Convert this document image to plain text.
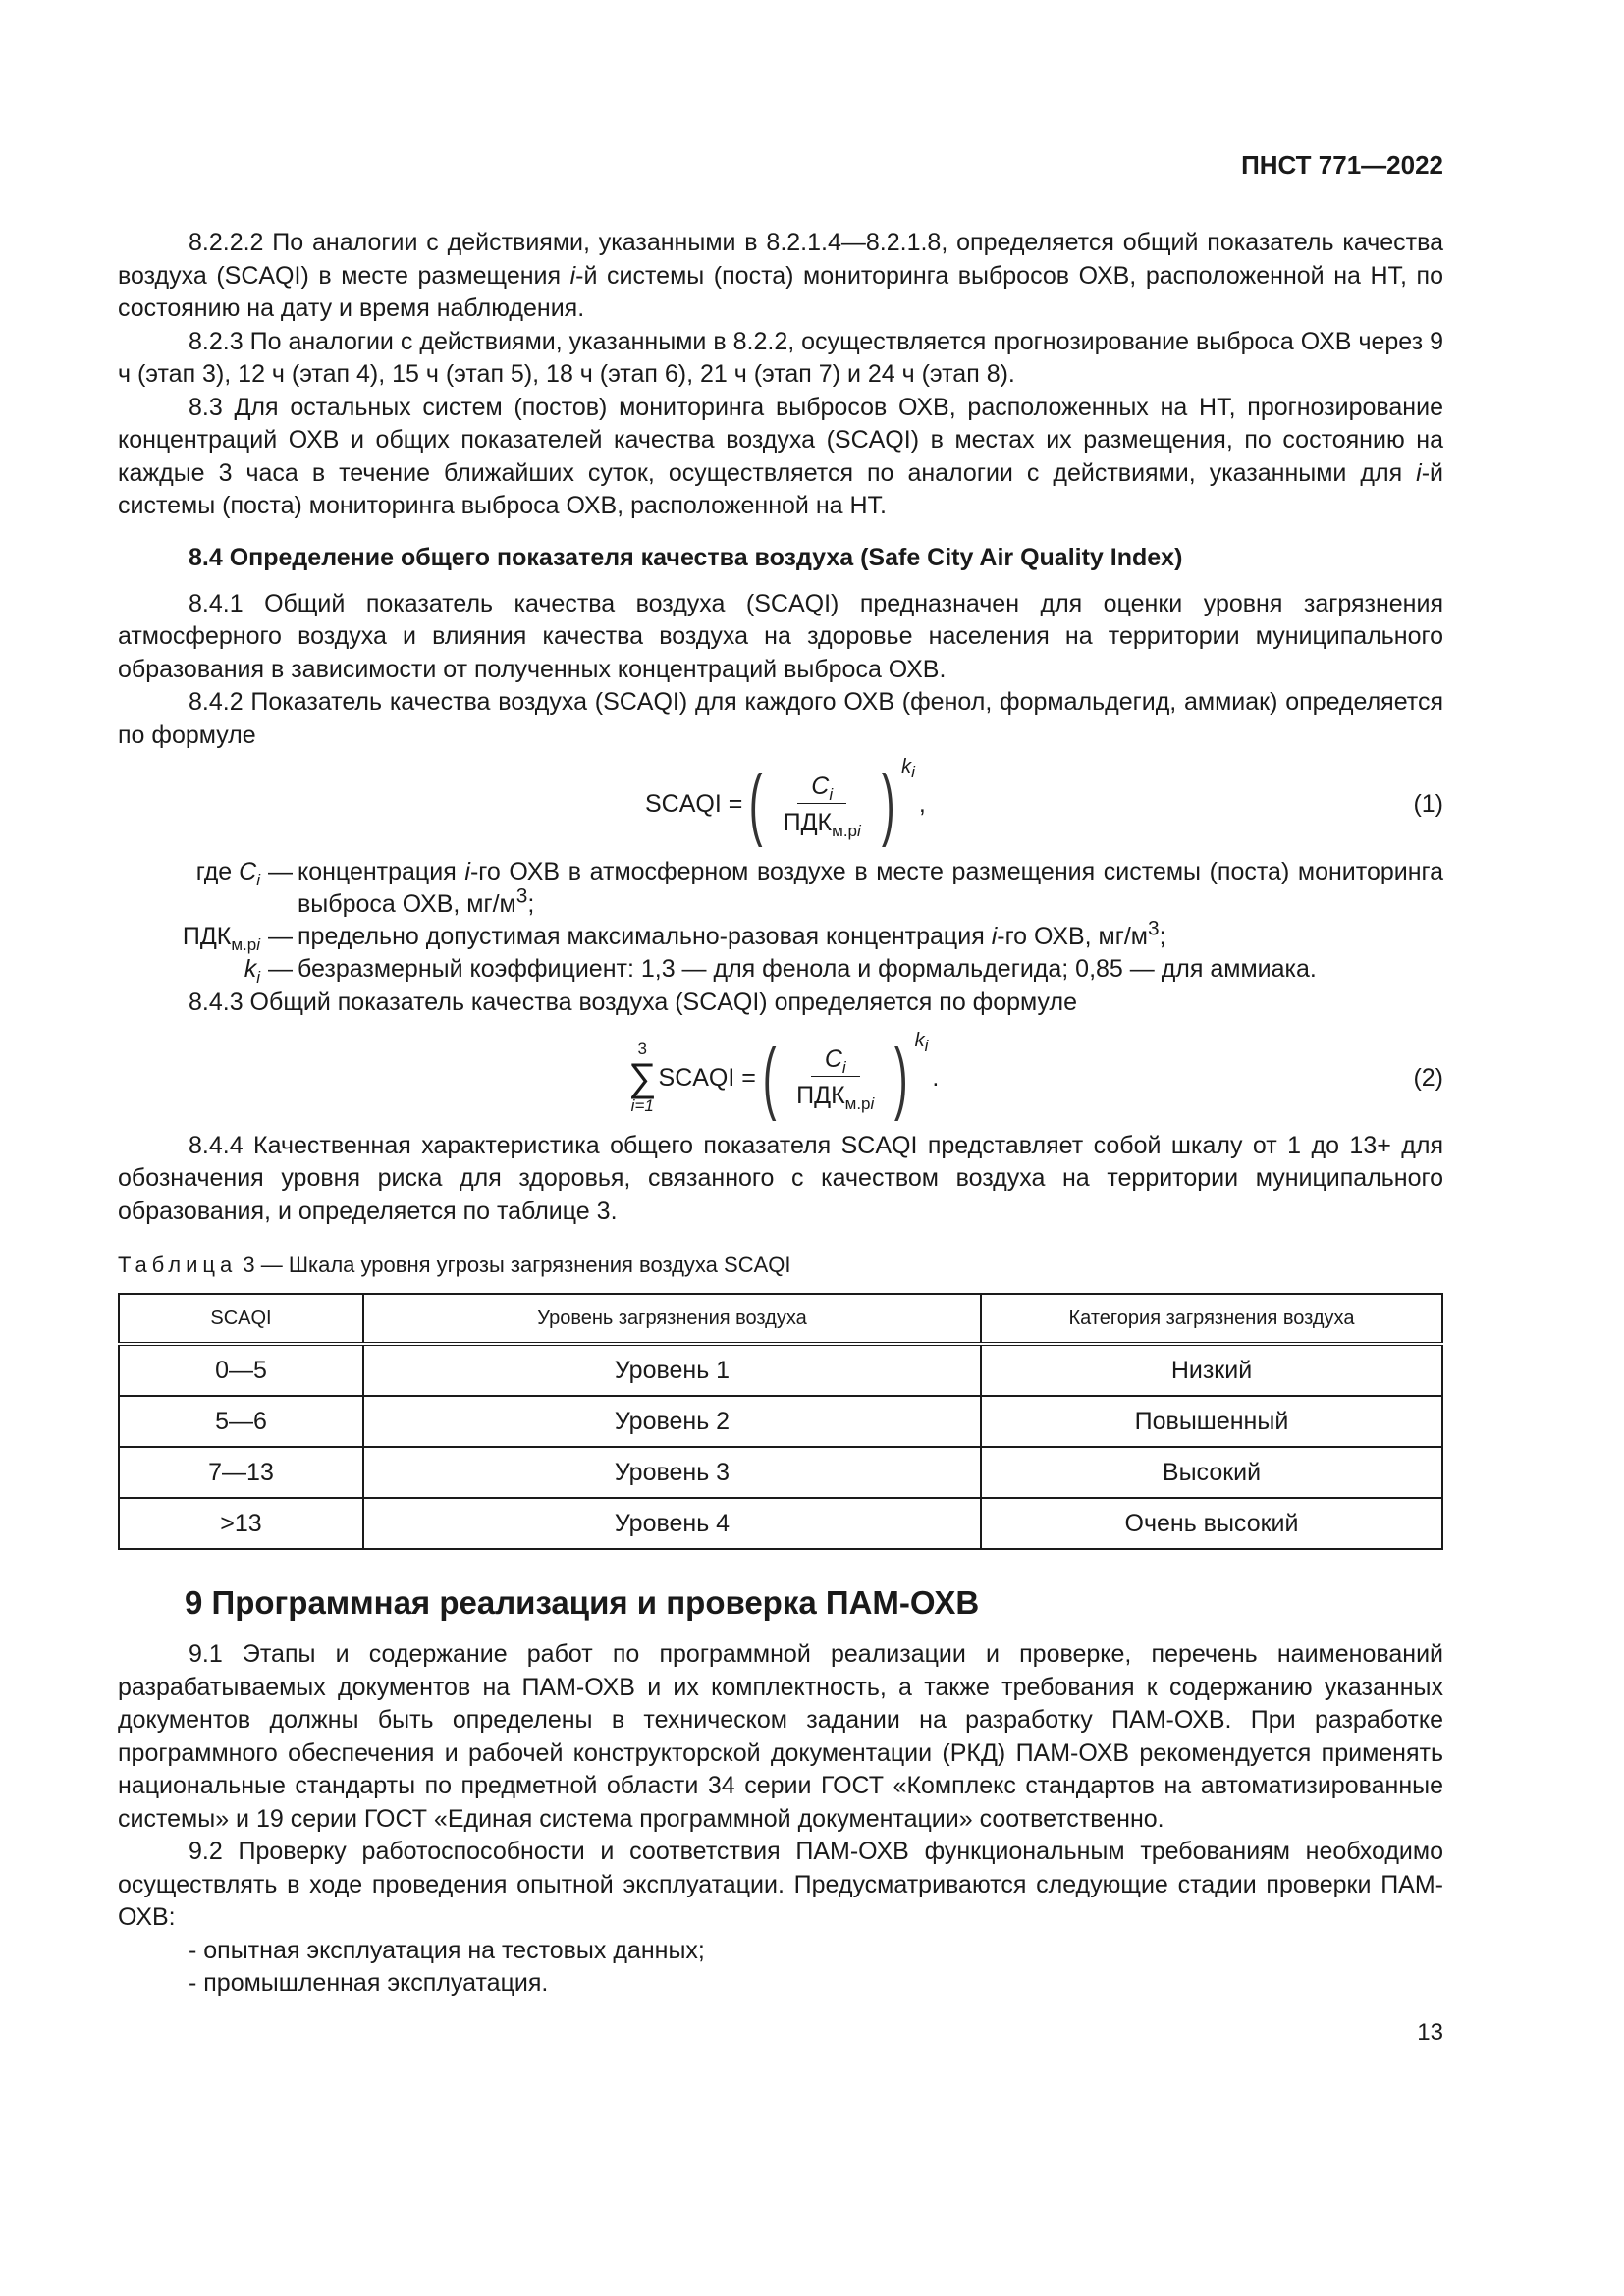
ПНСТ 771—2022

8.2.2.2 По аналогии с действиями, указанными в 8.2.1.4—8.2.1.8, определяется общий показатель качества воздуха (SCAQI) в месте размещения i-й системы (поста) мониторинга выбросов ОХВ, расположенной на НТ, по состоянию на дату и время наблюдения.

8.2.3 По аналогии с действиями, указанными в 8.2.2, осуществляется прогнозирование выброса ОХВ через 9 ч (этап 3), 12 ч (этап 4), 15 ч (этап 5), 18 ч (этап 6), 21 ч (этап 7) и 24 ч (этап 8).

8.3 Для остальных систем (постов) мониторинга выбросов ОХВ, расположенных на НТ, прогнозирование концентраций ОХВ и общих показателей качества воздуха (SCAQI) в местах их размещения, по состоянию на каждые 3 часа в течение ближайших суток, осуществляется по аналогии с действиями, указанными для i-й системы (поста) мониторинга выброса ОХВ, расположенной на НТ.

8.4 Определение общего показателя качества воздуха (Safe City Air Quality Index)

8.4.1 Общий показатель качества воздуха (SCAQI) предназначен для оценки уровня загрязнения атмосферного воздуха и влияния качества воздуха на здоровье населения на территории муниципального образования в зависимости от полученных концентраций выброса ОХВ.

8.4.2 Показатель качества воздуха (SCAQI) для каждого ОХВ (фенол, формальдегид, аммиак) определяется по формуле

SCAQI = ( $\frac{C_i}{ПДК_{м.рi}}$ ) $k_i$
,	(1)
где $C_i$ — концентрация i-го ОХВ в атмосферном воздухе в месте размещения системы (поста) мониторинга выброса ОХВ, $мг/м^3$;
$ПДК_{м.рi}$ — предельно допустимая максимально-разовая концентрация i-го ОХВ, $мг/м^3$;
$k_i$ — безразмерный коэффициент: 1,3 — для фенола и формальдегида; 0,85 — для аммиака.

8.4.3 Общий показатель качества воздуха (SCAQI) определяется по формуле

3
∑
i=1
SCAQI = ( $\frac{C_i}{ПДК_{м.рi}}$ ) $k_i$
.	(2)

8.4.4 Качественная характеристика общего показателя SCAQI представляет собой шкалу от 1 до 13+ для обозначения уровня риска для здоровья, связанного с качеством воздуха на территории муниципального образования, и определяется по таблице 3.

Таблица 3 — Шкала уровня угрозы загрязнения воздуха SCAQI
SCAQI	Уровень загрязнения воздуха	Категория загрязнения воздуха
0—5	Уровень 1	Низкий
5—6	Уровень 2	Повышенный
7—13	Уровень 3	Высокий
>13	Уровень 4	Очень высокий
9 Программная реализация и проверка ПАМ-ОХВ

9.1 Этапы и содержание работ по программной реализации и проверке, перечень наименований разрабатываемых документов на ПАМ-ОХВ и их комплектность, а также требования к содержанию указанных документов должны быть определены в техническом задании на разработку ПАМ-ОХВ. При разработке программного обеспечения и рабочей конструкторской документации (РКД) ПАМ-ОХВ рекомендуется применять национальные стандарты по предметной области 34 серии ГОСТ «Комплекс стандартов на автоматизированные системы» и 19 серии ГОСТ «Единая система программной документации» соответственно.

9.2 Проверку работоспособности и соответствия ПАМ-ОХВ функциональным требованиям необходимо осуществлять в ходе проведения опытной эксплуатации. Предусматриваются следующие стадии проверки ПАМ-ОХВ:

- опытная эксплуатация на тестовых данных;
- промышленная эксплуатация.
13
